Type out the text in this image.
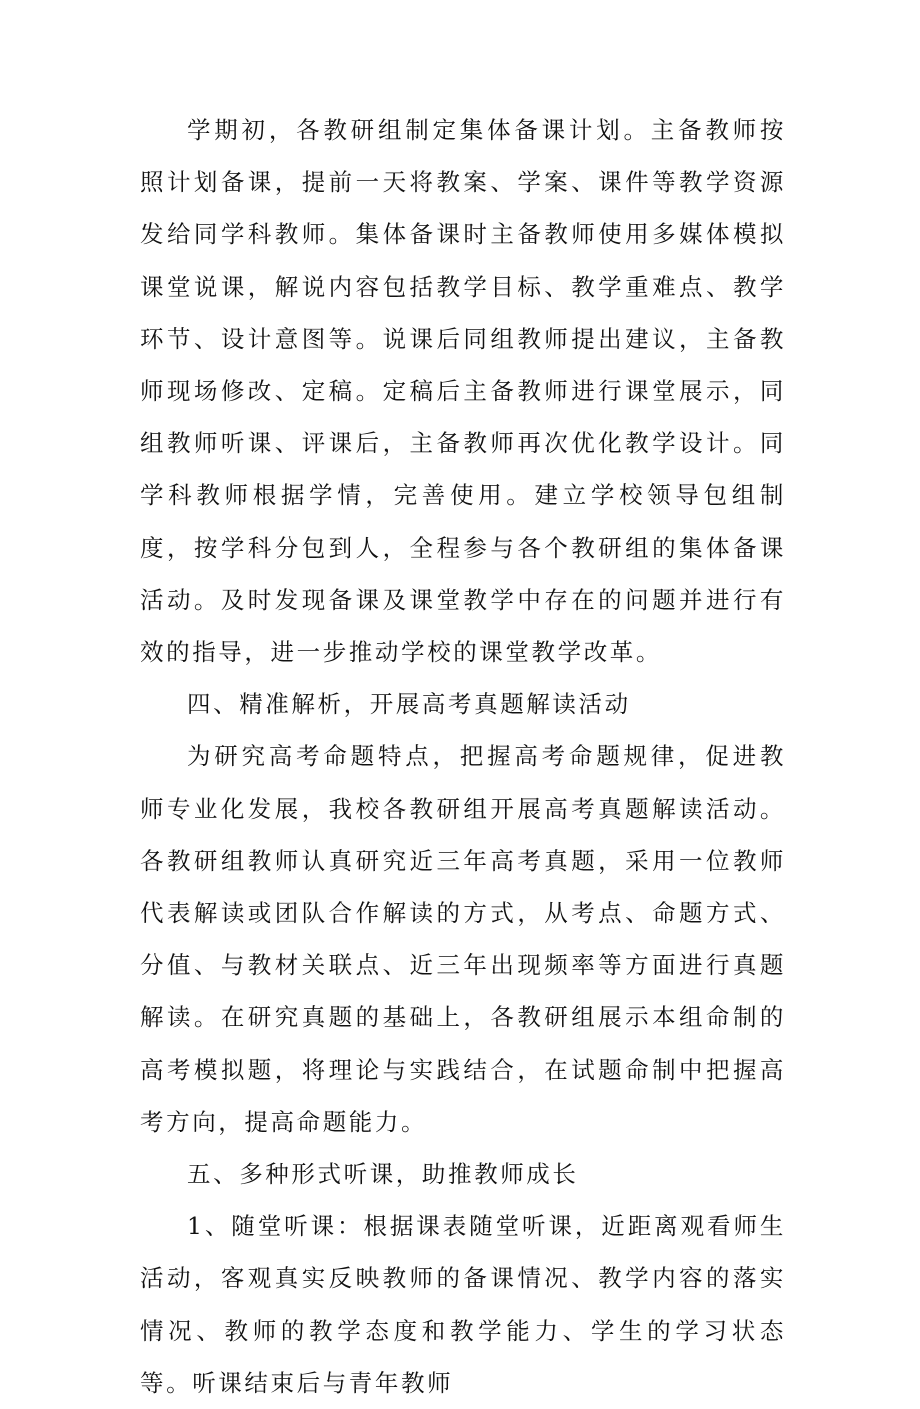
学期初，各教研组制定集体备课计划。主备教师按照计划备课，提前一天将教案、学案、课件等教学资源发给同学科教师。集体备课时主备教师使用多媒体模拟课堂说课，解说内容包括教学目标、教学重难点、教学环节、设计意图等。说课后同组教师提出建议，主备教师现场修改、定稿。定稿后主备教师进行课堂展示，同组教师听课、评课后，主备教师再次优化教学设计。同学科教师根据学情，完善使用。建立学校领导包组制度，按学科分包到人，全程参与各个教研组的集体备课活动。及时发现备课及课堂教学中存在的问题并进行有效的指导，进一步推动学校的课堂教学改革。

四、精准解析，开展高考真题解读活动

为研究高考命题特点，把握高考命题规律，促进教师专业化发展，我校各教研组开展高考真题解读活动。各教研组教师认真研究近三年高考真题，采用一位教师代表解读或团队合作解读的方式，从考点、命题方式、分值、与教材关联点、近三年出现频率等方面进行真题解读。在研究真题的基础上，各教研组展示本组命制的高考模拟题，将理论与实践结合，在试题命制中把握高考方向，提高命题能力。

五、多种形式听课，助推教师成长

1、随堂听课：根据课表随堂听课，近距离观看师生活动，客观真实反映教师的备课情况、教学内容的落实情况、教师的教学态度和教学能力、学生的学习状态等。听课结束后与青年教师
